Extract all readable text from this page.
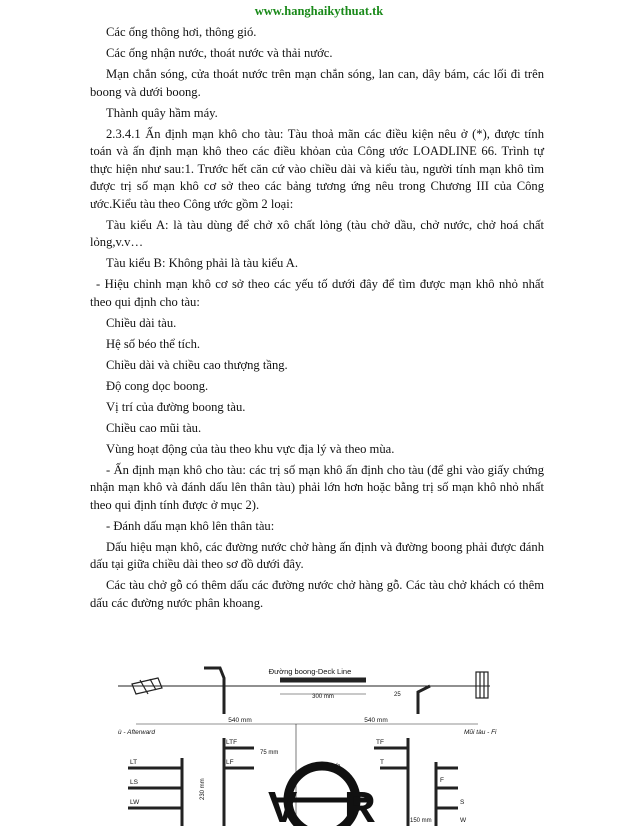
www.hanghaikythuat.tk

Các ống thông hơi, thông gió.

Các ống nhận nước, thoát nước và thải nước.

Mạn chắn sóng, cửa thoát nước trên mạn chắn sóng, lan can, dây bám, các lối đi trên boong và dưới boong.

Thành quây hầm máy.

2.3.4.1 Ấn định mạn khô cho tàu: Tàu thoả mãn các điều kiện nêu ở (*), được tính toán và ấn định mạn khô theo các điều khỏan của Công ước LOADLINE 66. Trình tự thực hiện như sau:1. Trước hết căn cứ vào chiều dài và kiểu tàu, người tính mạn khô tìm được trị số mạn khô cơ sở theo các bảng tương ứng nêu trong Chương III của Công ước.Kiểu tàu theo Công ước gồm 2 loại:

Tàu kiểu A: là tàu dùng để chở xô chất lỏng (tàu chở dầu, chở nước, chở hoá chất lỏng,v.v…

Tàu kiểu B: Không phải là tàu kiểu A.

- Hiệu chỉnh mạn khô cơ sở theo các yếu tố dưới đây để tìm được mạn khô nhỏ nhất theo qui định cho tàu:

Chiều dài tàu.

Hệ số béo thể tích.

Chiều dài và chiều cao thượng tầng.

Độ cong dọc boong.

Vị trí của đường boong tàu.

Chiều cao mũi tàu.

Vùng hoạt động của tàu theo khu vực địa lý và theo mùa.

- Ấn định mạn khô cho tàu: các trị số mạn khô ấn định cho tàu (để ghi vào giấy chứng nhận mạn khô và đánh dấu lên thân tàu) phải lớn hơn hoặc bằng trị số mạn khô nhỏ nhất theo qui định tính được ở mục 2).

- Đánh dấu mạn khô lên thân tàu:

Dấu hiệu mạn khô, các đường nước chở hàng ấn định và đường boong phải được đánh dấu tại giữa chiều dài theo sơ đồ dưới đây.

Các tàu chở gỗ có thêm dấu các đường nước chở hàng gỗ. Các tàu chở khách có thêm dấu các đường nước phân khoang.

Đường boong-Deck Line
300 mm	25
540 mm	540 mm
ù - Afterward	Mũi tàu - Fi
LTF
LT	LF
LS
LW
230 mm
75 mm
V R
25
TF
T
F
S
W
150 mm
